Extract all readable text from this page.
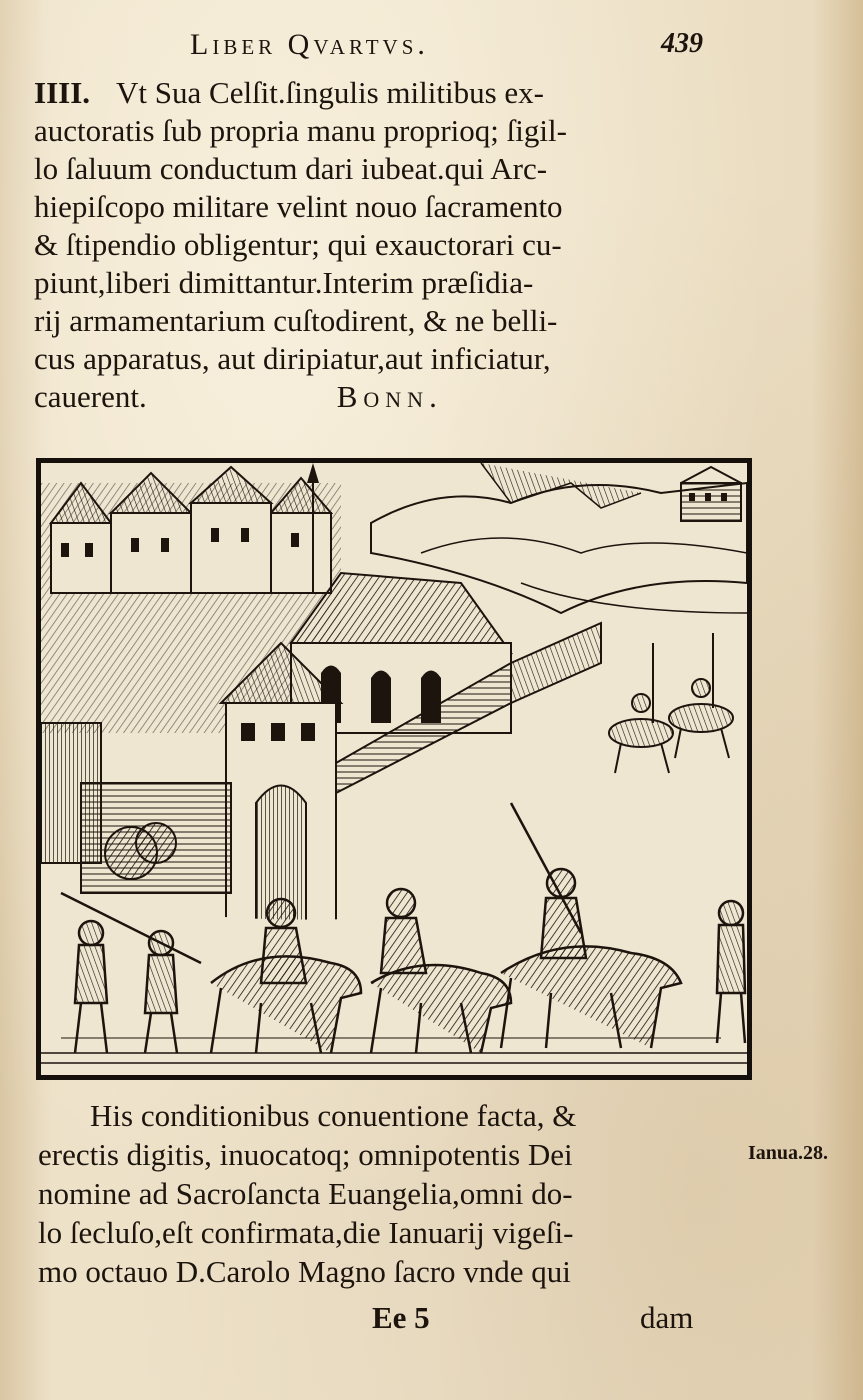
Liber Qvartvs.	439
IIII. Vt Sua Celſit.ſingulis militibus ex-
auctoratis ſub propria manu proprioq; ſigil-
lo ſaluum conductum dari iubeat.qui Arc-
hiepiſcopo militare velint nouo ſacramento
& ſtipendio obligentur; qui exauctorari cu-
piunt,liberi dimittantur.Interim præſidia-
rij armamentarium cuſtodirent, & ne belli-
cus apparatus, aut diripiatur,aut inficiatur,
cauerent.	Bonn.
His conditionibus conuentione facta, &
erectis digitis, inuocatoq; omnipotentis Dei
nomine ad Sacroſancta Euangelia,omni do-
lo ſecluſo,eſt confirmata,die Ianuarij vigeſi-
mo octauo D.Carolo Magno ſacro vnde qui
Ianua.28.
Ee 5	dam
